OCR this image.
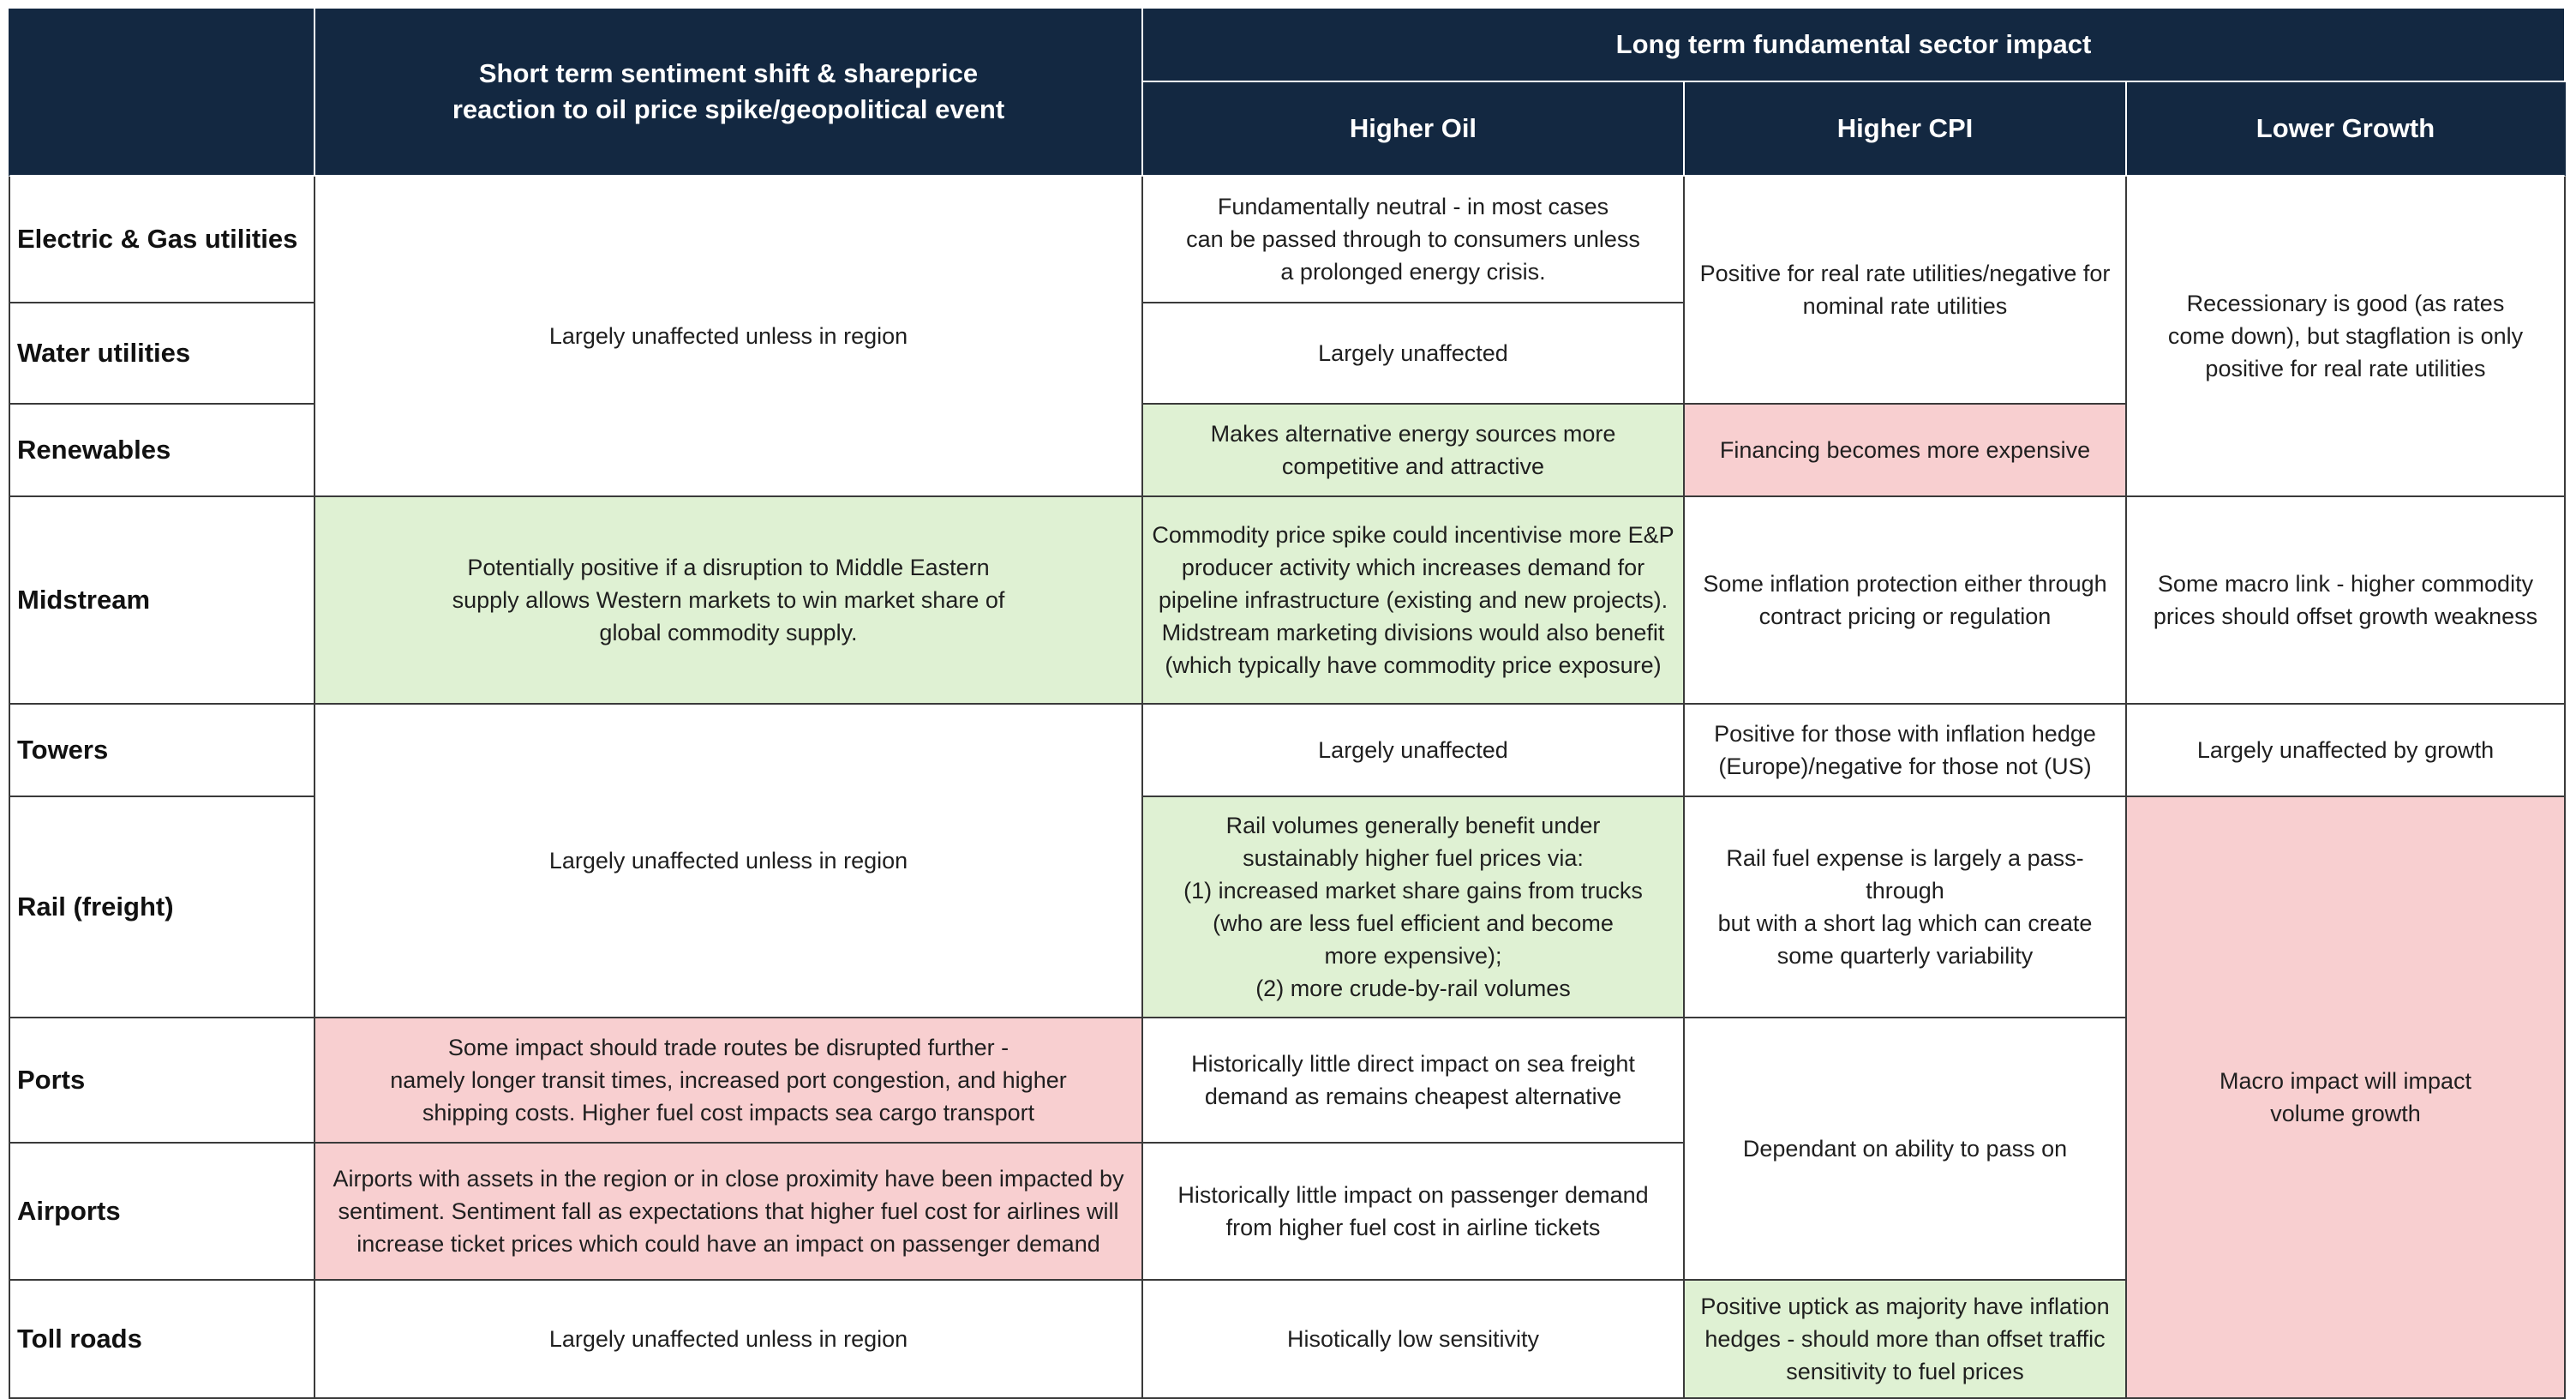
Short term sentiment shift & shareprice
reaction to oil price spike/geopolitical event
Long term fundamental sector impact
Higher Oil	Higher CPI	Lower Growth
Electric & Gas utilities
Water utilities
Renewables
Midstream
Towers
Rail (freight)
Ports
Airports
Toll roads
Largely unaffected unless in region
Potentially positive if a disruption to Middle Eastern
supply allows Western markets to win market share of
global commodity supply.
Largely unaffected unless in region
Some impact should trade routes be disrupted further -
namely longer transit times, increased port congestion, and higher
shipping costs. Higher fuel cost impacts sea cargo transport
Airports with assets in the region or in close proximity have been impacted by
sentiment. Sentiment fall as expectations that higher fuel cost for airlines will
increase ticket prices which could have an impact on passenger demand
Largely unaffected unless in region
Fundamentally neutral - in most cases
can be passed through to consumers unless
a prolonged energy crisis.
Largely unaffected
Makes alternative energy sources more
competitive and attractive
Commodity price spike could incentivise more E&P
producer activity which increases demand for
pipeline infrastructure (existing and new projects).
Midstream marketing divisions would also benefit
(which typically have commodity price exposure)
Largely unaffected
Rail volumes generally benefit under
sustainably higher fuel prices via:
(1) increased market share gains from trucks
(who are less fuel efficient and become
more expensive);
(2) more crude-by-rail volumes
Historically little direct impact on sea freight
demand as remains cheapest alternative
Historically little impact on passenger demand
from higher fuel cost in airline tickets
Hisotically low sensitivity
Positive for real rate utilities/negative for
nominal rate utilities
Financing becomes more expensive
Some inflation protection either through
contract pricing or regulation
Positive for those with inflation hedge
(Europe)/negative for those not (US)
Rail fuel expense is largely a pass-through
but with a short lag which can create
some quarterly variability
Dependant on ability to pass on
Positive uptick as majority have inflation
hedges - should more than offset traffic
sensitivity to fuel prices
Recessionary is good (as rates
come down), but stagflation is only
positive for real rate utilities
Some macro link - higher commodity
prices should offset growth weakness
Largely unaffected by growth
Macro impact will impact
volume growth
